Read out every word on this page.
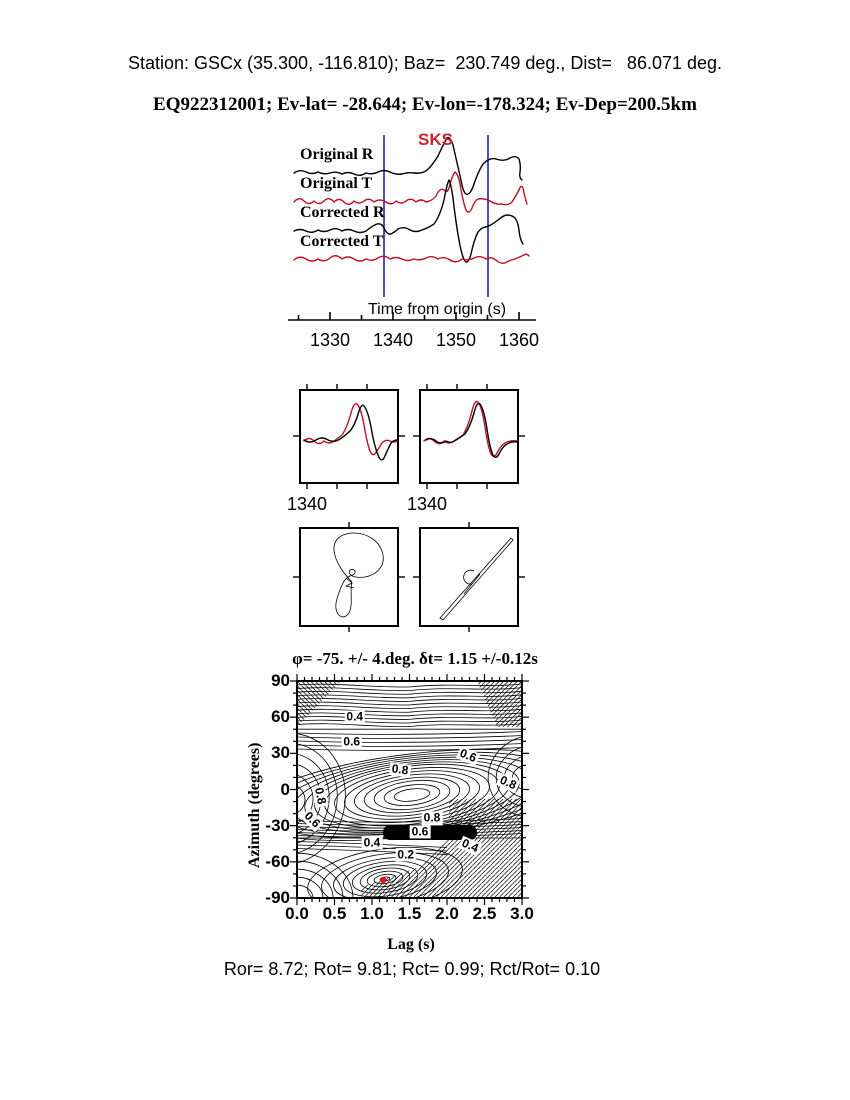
Station: GSCx (35.300, -116.810); Baz=  230.749 deg., Dist=   86.071 deg.
EQ922312001; Ev-lat= -28.644; Ev-lon=-178.324; Ev-Dep=200.5km
Original R
Original T
Corrected R
Corrected T
SKS
Time from origin (s)
1330	1340	1350	1360
1340	1340
φ= -75. +/- 4.deg. δt= 1.15 +/-0.12s
Azimuth (degrees)
0.0 0.5 1.0 1.5 2.0 2.5 3.0
90
60
30
0
-30
-60
-90
0.4
0.6
0.6
0.8
0.8
0.8
0.6	0.8
0.6
0.4
0.2	0.4
Lag (s)
Ror= 8.72; Rot= 9.81; Rct= 0.99; Rct/Rot= 0.10
